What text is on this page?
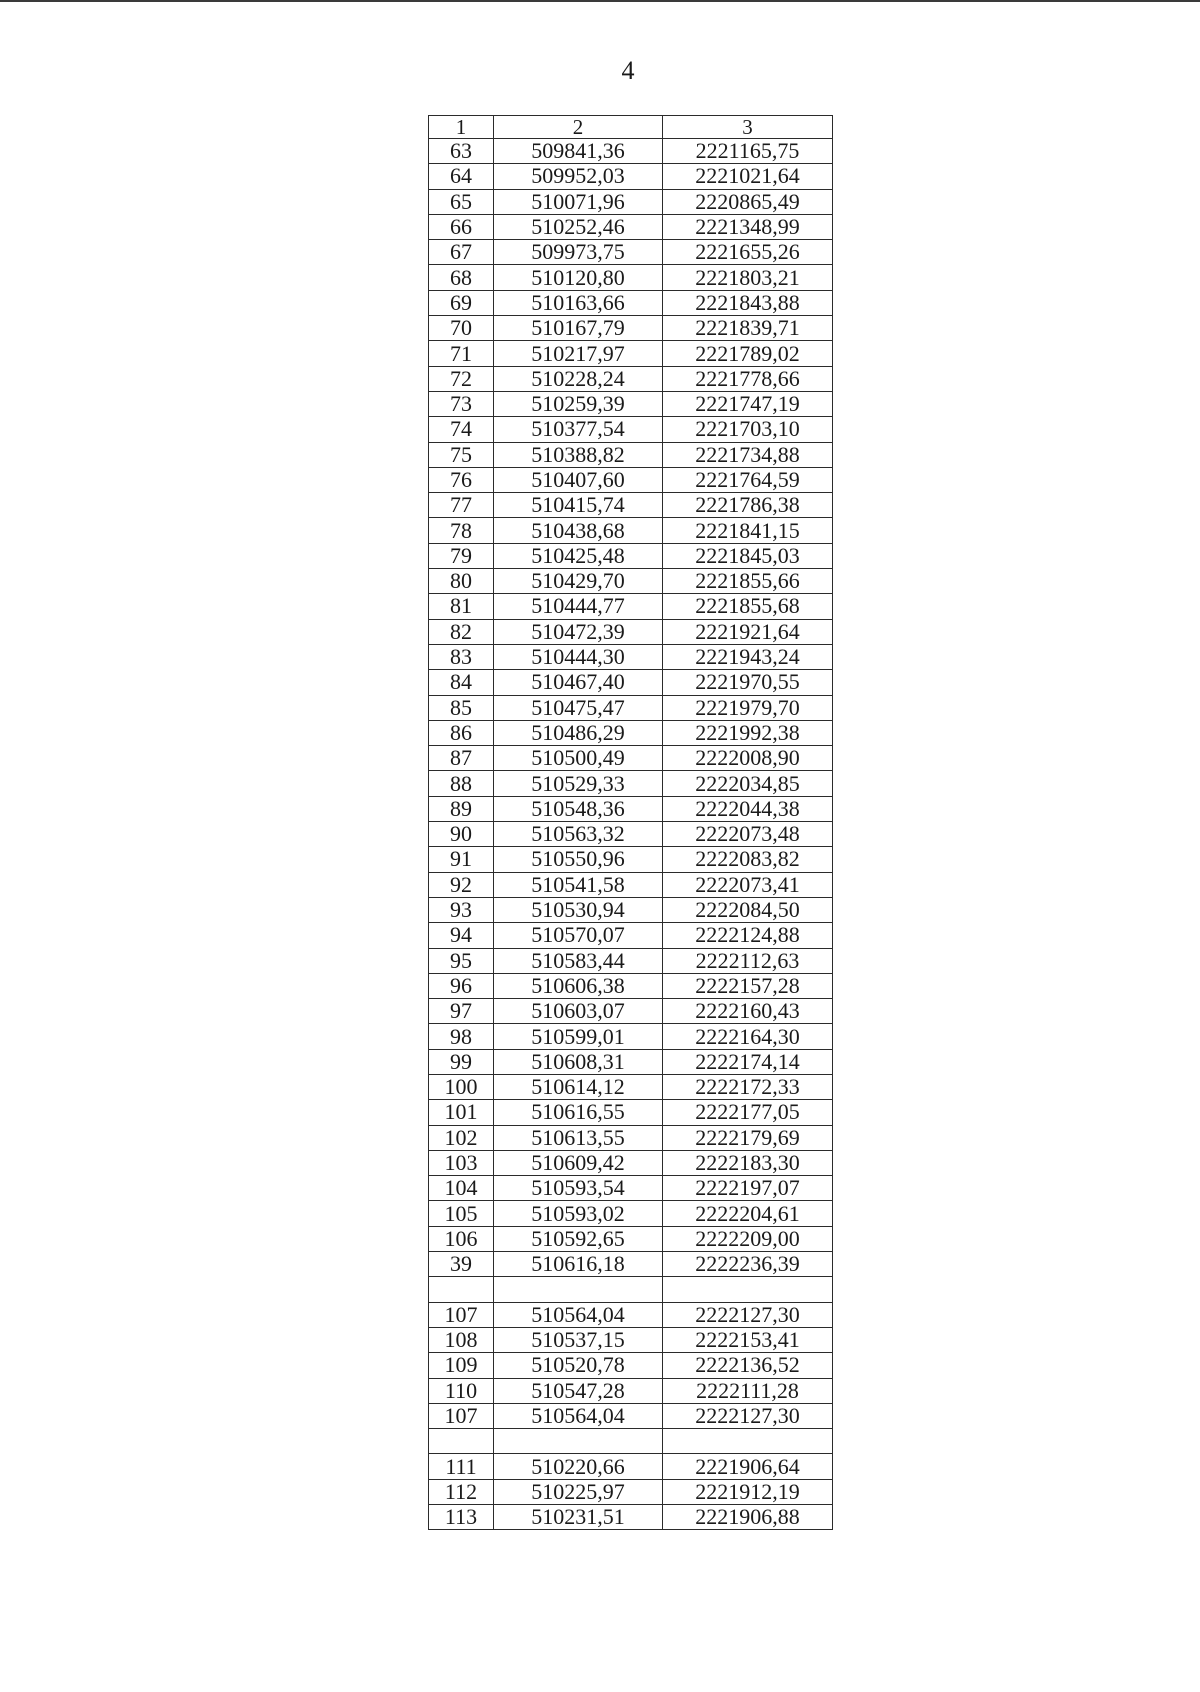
4
1	2	3
63	509841,36	2221165,75
64	509952,03	2221021,64
65	510071,96	2220865,49
66	510252,46	2221348,99
67	509973,75	2221655,26
68	510120,80	2221803,21
69	510163,66	2221843,88
70	510167,79	2221839,71
71	510217,97	2221789,02
72	510228,24	2221778,66
73	510259,39	2221747,19
74	510377,54	2221703,10
75	510388,82	2221734,88
76	510407,60	2221764,59
77	510415,74	2221786,38
78	510438,68	2221841,15
79	510425,48	2221845,03
80	510429,70	2221855,66
81	510444,77	2221855,68
82	510472,39	2221921,64
83	510444,30	2221943,24
84	510467,40	2221970,55
85	510475,47	2221979,70
86	510486,29	2221992,38
87	510500,49	2222008,90
88	510529,33	2222034,85
89	510548,36	2222044,38
90	510563,32	2222073,48
91	510550,96	2222083,82
92	510541,58	2222073,41
93	510530,94	2222084,50
94	510570,07	2222124,88
95	510583,44	2222112,63
96	510606,38	2222157,28
97	510603,07	2222160,43
98	510599,01	2222164,30
99	510608,31	2222174,14
100	510614,12	2222172,33
101	510616,55	2222177,05
102	510613,55	2222179,69
103	510609,42	2222183,30
104	510593,54	2222197,07
105	510593,02	2222204,61
106	510592,65	2222209,00
39	510616,18	2222236,39

107	510564,04	2222127,30
108	510537,15	2222153,41
109	510520,78	2222136,52
110	510547,28	2222111,28
107	510564,04	2222127,30

111	510220,66	2221906,64
112	510225,97	2221912,19
113	510231,51	2221906,88
